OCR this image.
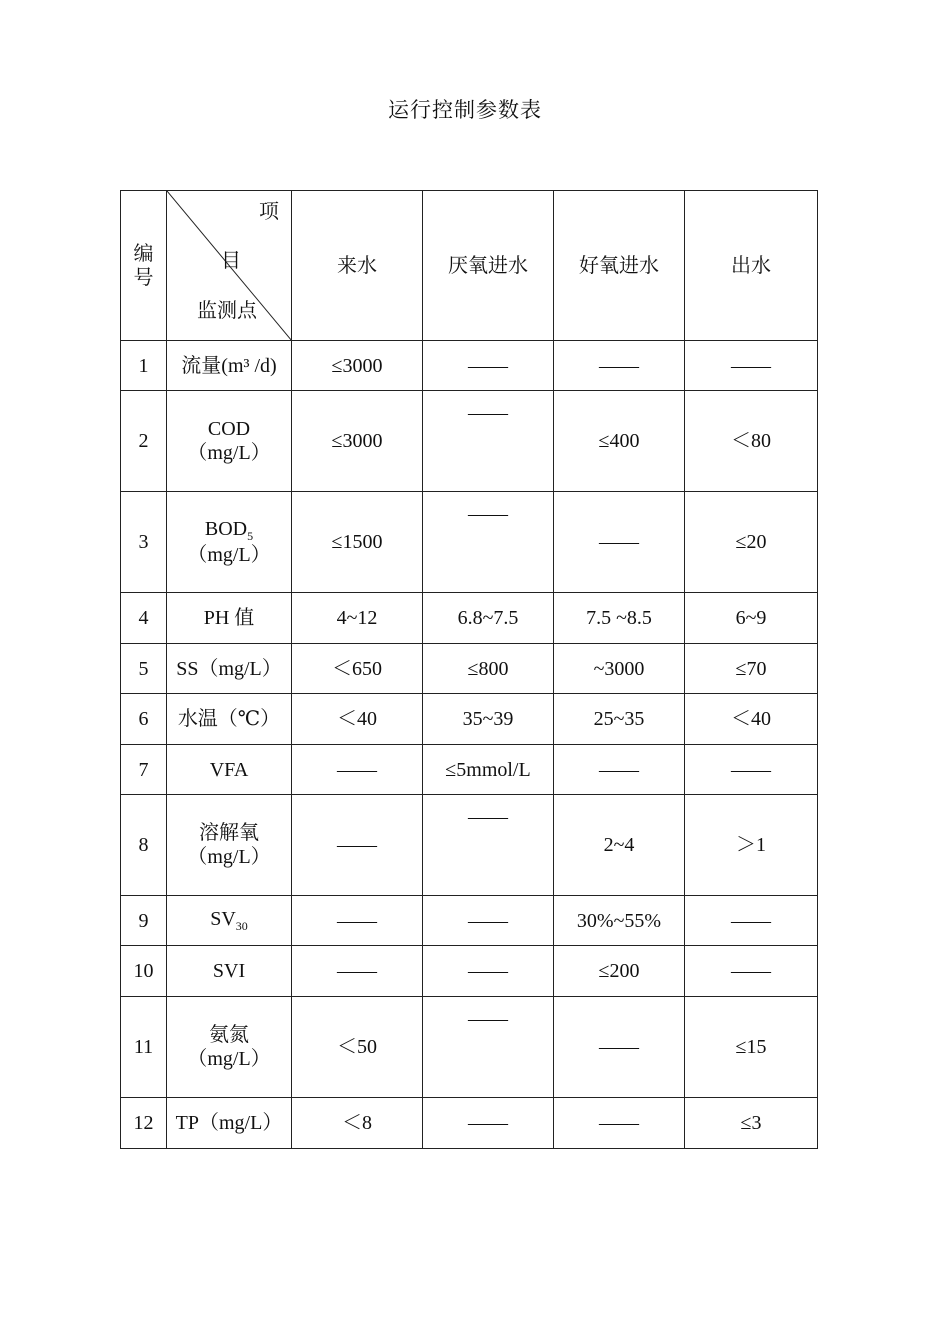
运行控制参数表
编
号	项
目
监测点	来水	厌氧进水	好氧进水	出水
1	流量(m³ /d)	≤3000	——	——	——
2	COD
（mg/L）	≤3000	——	≤400	＜80
3	$BOD_5$
（mg/L）	≤1500	——	——	≤20
4	PH 值	4~12	6.8~7.5	7.5 ~8.5	6~9
5	SS（mg/L）	＜650	≤800	~3000	≤70
6	水温（℃）	＜40	35~39	25~35	＜40
7	VFA	——	≤5mmol/L	——	——
8	溶解氧
（mg/L）	——	——	2~4	＞1
9	$SV_{30}$	——	——	30%~55%	——
10	SVI	——	——	≤200	——
11	氨氮
（mg/L）	＜50	——	——	≤15
12	TP（mg/L）	＜8	——	——	≤3
